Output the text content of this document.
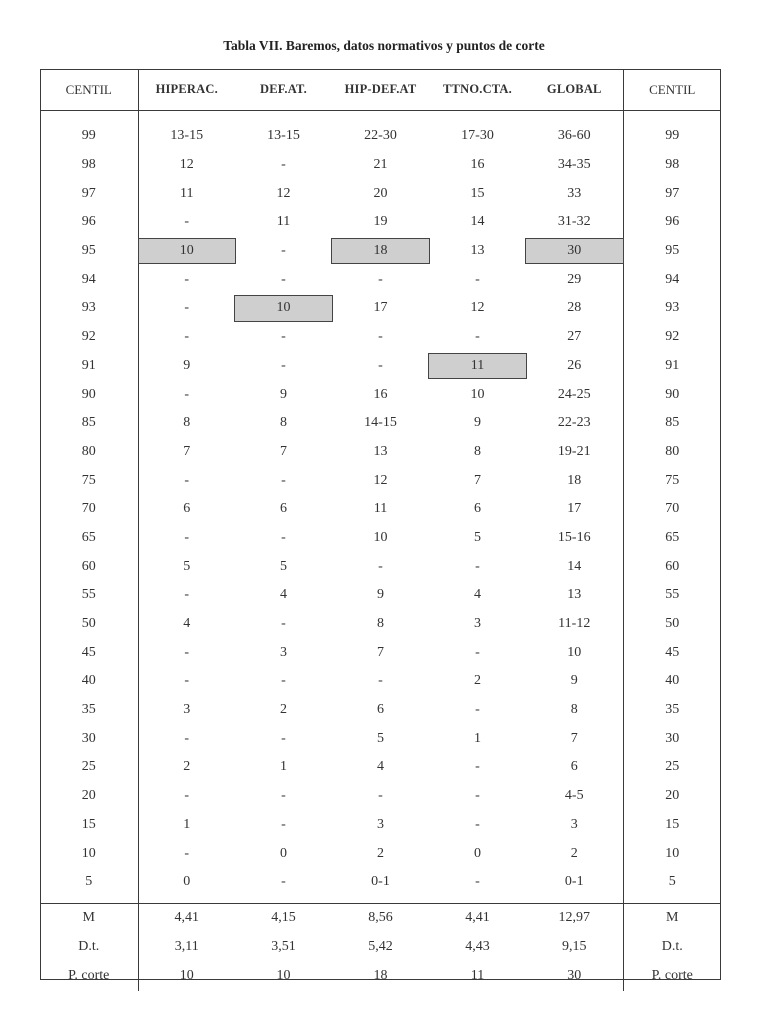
Tabla VII. Baremos, datos normativos y puntos de corte
CENTIL	HIPERAC.	DEF.AT.	HIP-DEF.AT	TTNO.CTA.	GLOBAL	CENTIL

99	13-15	13-15	22-30	17-30	36-60	99
98	12	-	21	16	34-35	98
97	11	12	20	15	33	97
96	-	11	19	14	31-32	96
95	10	-	18	13	30	95
94	-	-	-	-	29	94
93	-	10	17	12	28	93
92	-	-	-	-	27	92
91	9	-	-	11	26	91
90	-	9	16	10	24-25	90
85	8	8	14-15	9	22-23	85
80	7	7	13	8	19-21	80
75	-	-	12	7	18	75
70	6	6	11	6	17	70
65	-	-	10	5	15-16	65
60	5	5	-	-	14	60
55	-	4	9	4	13	55
50	4	-	8	3	11-12	50
45	-	3	7	-	10	45
40	-	-	-	2	9	40
35	3	2	6	-	8	35
30	-	-	5	1	7	30
25	2	1	4	-	6	25
20	-	-	-	-	4-5	20
15	1	-	3	-	3	15
10	-	0	2	0	2	10
5	0	-	0-1	-	0-1	5

M	4,41	4,15	8,56	4,41	12,97	M
D.t.	3,11	3,51	5,42	4,43	9,15	D.t.
P. corte	10	10	18	11	30	P. corte
